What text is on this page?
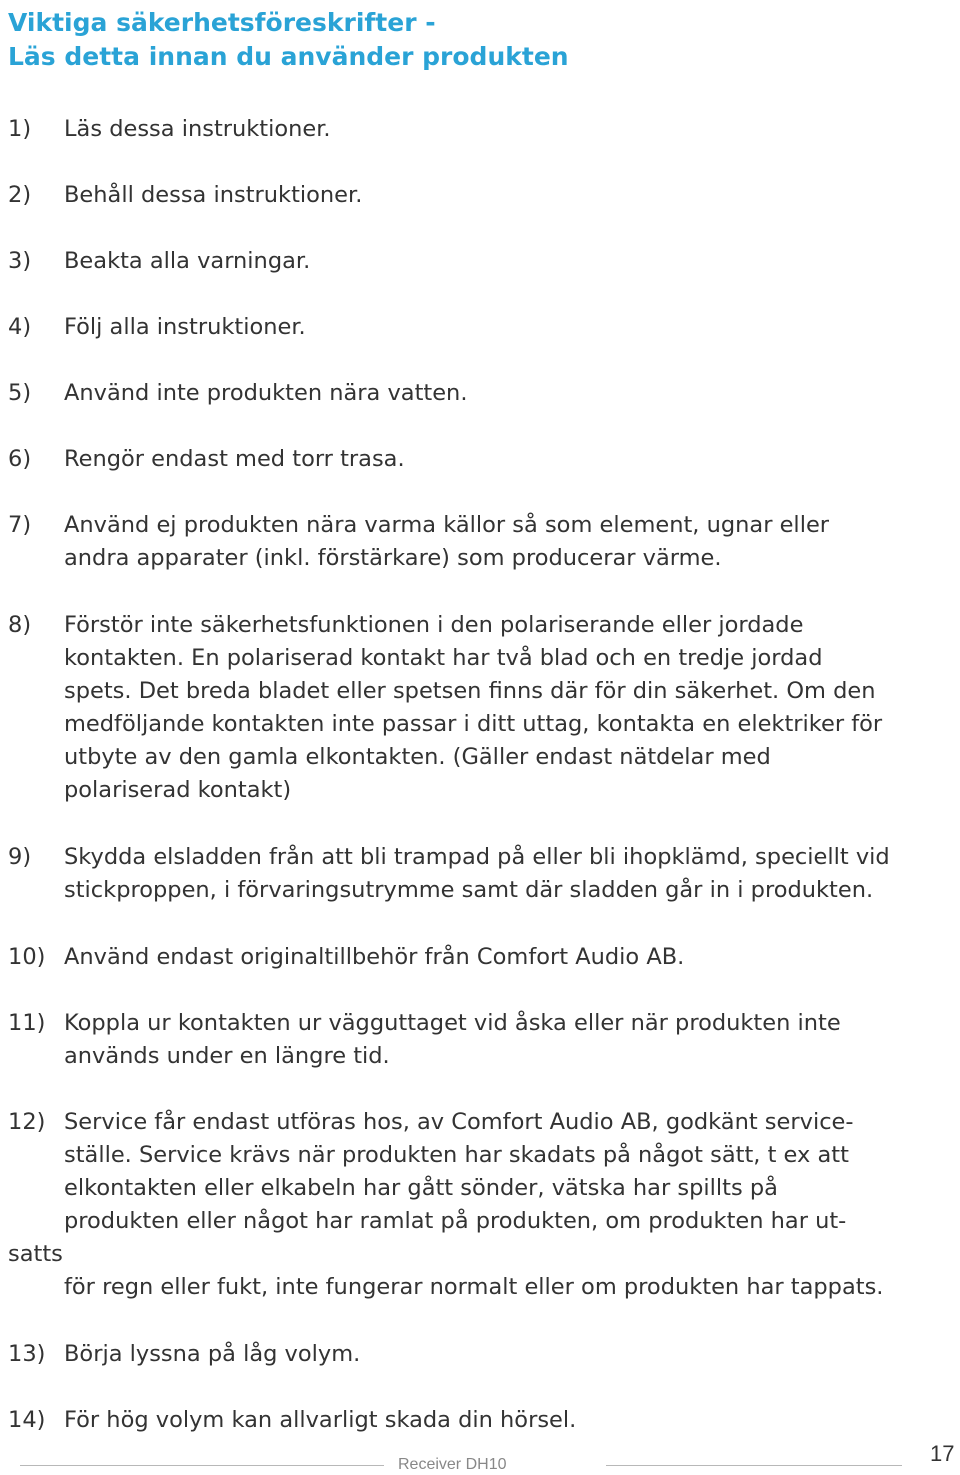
Viktiga säkerhetsföreskrifter -
Läs detta innan du använder produkten
1) Läs dessa instruktioner.
2) Behåll dessa instruktioner.
3) Beakta alla varningar.
4) Följ alla instruktioner.
5) Använd inte produkten nära vatten.
6) Rengör endast med torr trasa.
7) Använd ej produkten nära varma källor så som element, ugnar eller
andra apparater (inkl. förstärkare) som producerar värme.
8) Förstör inte säkerhetsfunktionen i den polariserande eller jordade
kontakten. En polariserad kontakt har två blad och en tredje jordad
spets. Det breda bladet eller spetsen finns där för din säkerhet. Om den
medföljande kontakten inte passar i ditt uttag, kontakta en elektriker för
utbyte av den gamla elkontakten. (Gäller endast nätdelar med
polariserad kontakt)
9) Skydda elsladden från att bli trampad på eller bli ihopklämd, speciellt vid
stickproppen, i förvaringsutrymme samt där sladden går in i produkten.
10) Använd endast originaltillbehör från Comfort Audio AB.
11) Koppla ur kontakten ur vägguttaget vid åska eller när produkten inte
används under en längre tid.
12) Service får endast utföras hos, av Comfort Audio AB, godkänt service-
ställe. Service krävs när produkten har skadats på något sätt, t ex att
elkontakten eller elkabeln har gått sönder, vätska har spillts på
produkten eller något har ramlat på produkten, om produkten har ut-
satts
för regn eller fukt, inte fungerar normalt eller om produkten har tappats.
13) Börja lyssna på låg volym.
14) För hög volym kan allvarligt skada din hörsel.
Receiver DH10	17
